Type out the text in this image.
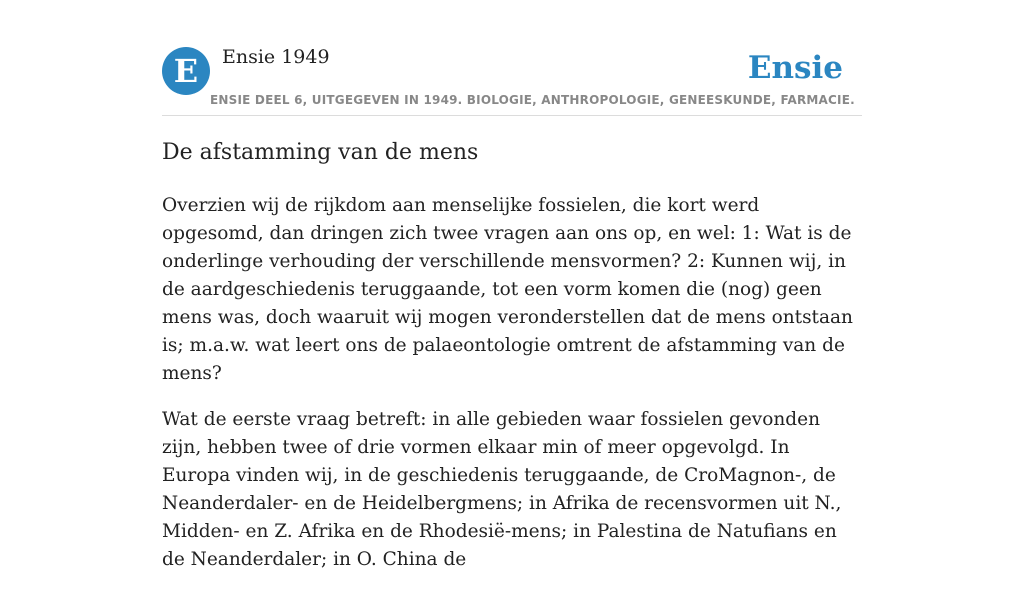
E	Ensie 1949	Ensie
ENSIE DEEL 6, UITGEGEVEN IN 1949. BIOLOGIE, ANTHROPOLOGIE, GENEESKUNDE, FARMACIE.
De afstamming van de mens

Overzien wij de rijkdom aan menselijke fossielen, die kort werd opgesomd, dan dringen zich twee vragen aan ons op, en wel: 1: Wat is de onderlinge verhouding der verschillende mensvormen? 2: Kunnen wij, in de aardgeschiedenis teruggaande, tot een vorm komen die (nog) geen mens was, doch waaruit wij mogen veronderstellen dat de mens ontstaan is; m.a.w. wat leert ons de palaeontologie omtrent de afstamming van de mens?

Wat de eerste vraag betreft: in alle gebieden waar fossielen gevonden zijn, hebben twee of drie vormen elkaar min of meer opgevolgd. In Europa vinden wij, in de geschiedenis teruggaande, de CroMagnon-, de Neanderdaler- en de Heidelbergmens; in Afrika de recensvormen uit N., Midden- en Z. Afrika en de Rhodesië-mens; in Palestina de Natufians en de Neanderdaler; in O. China de
